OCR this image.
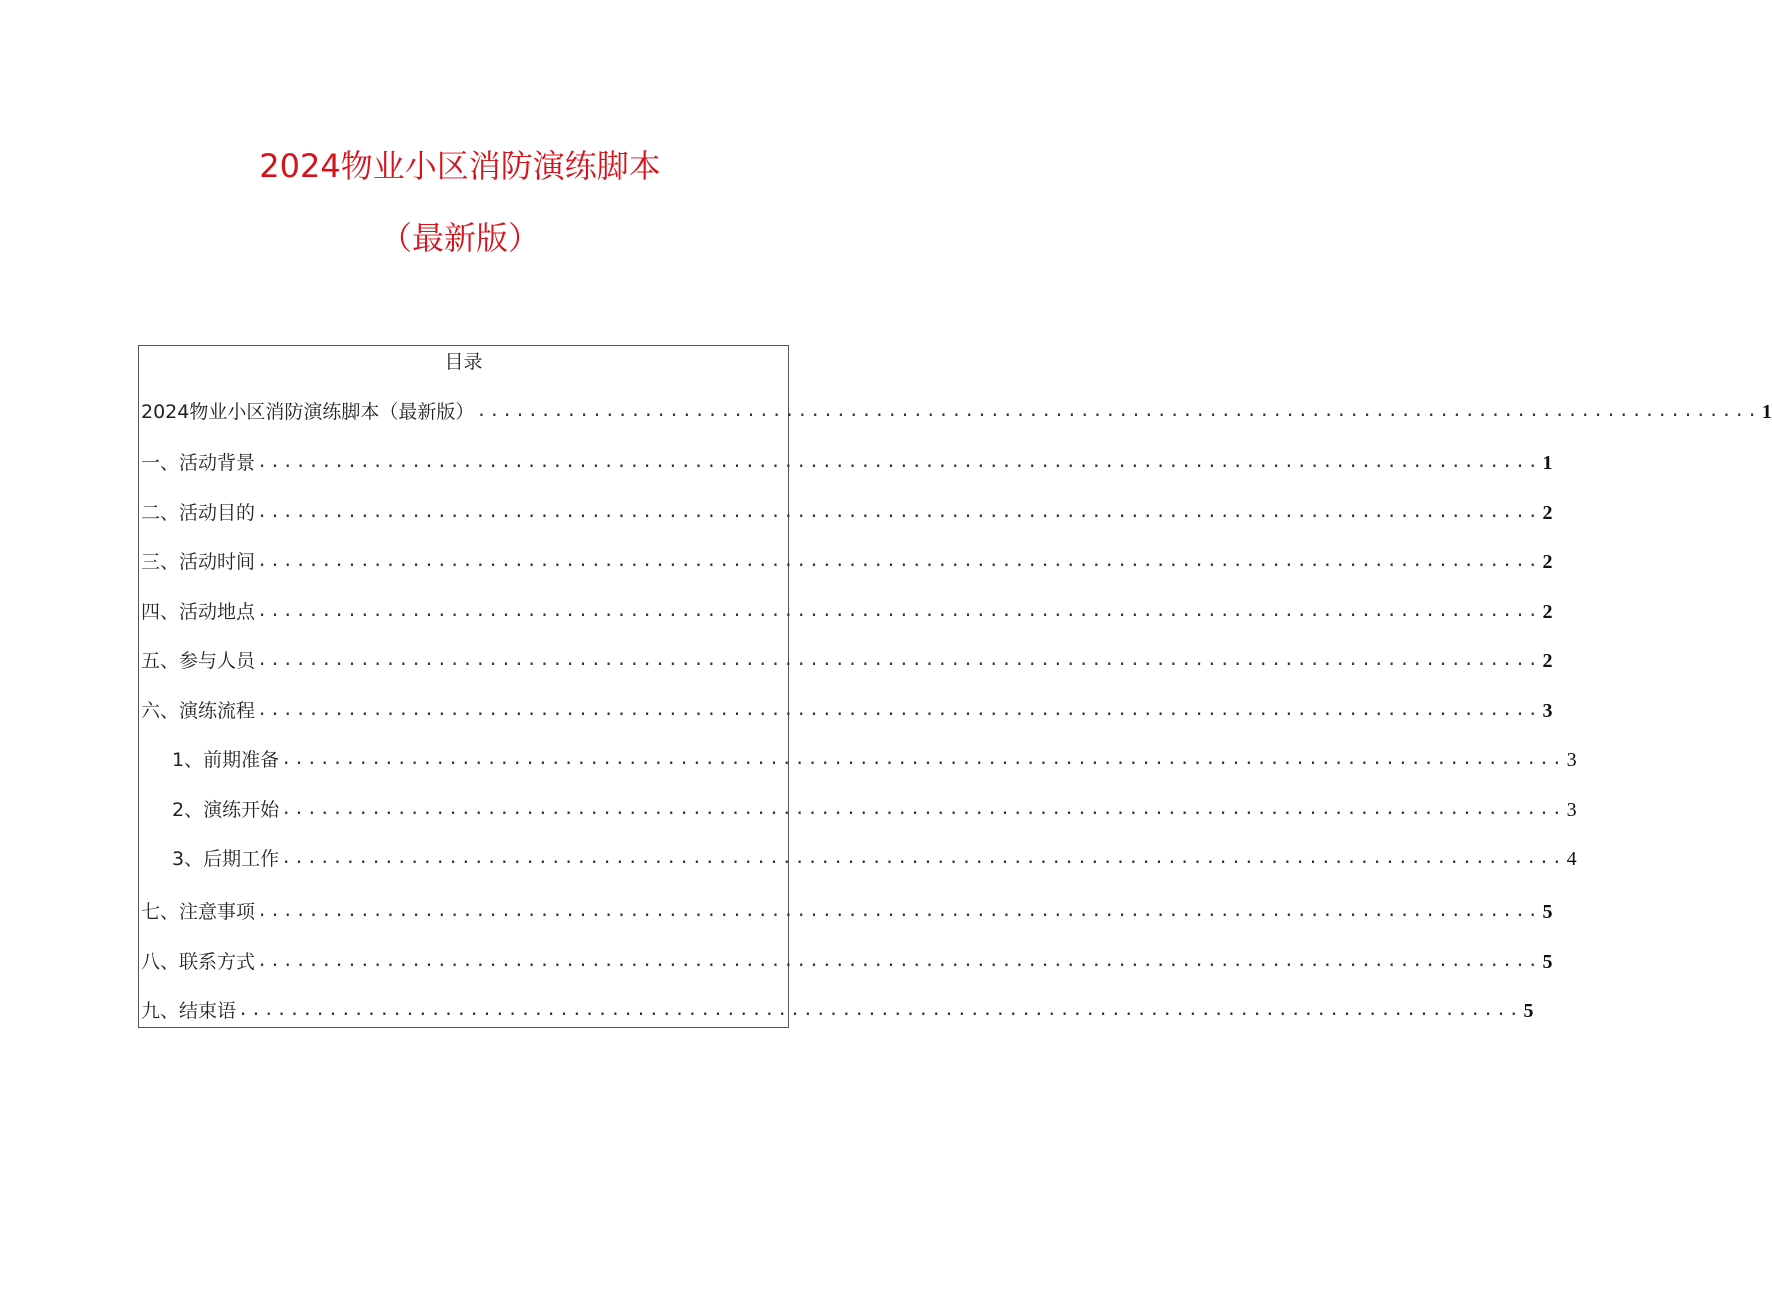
2024物业小区消防演练脚本
（最新版）
目录
2024物业小区消防演练脚本（最新版） .................................................................................................... 1
一、活动背景 .................................................................................................... 1
二、活动目的 .................................................................................................... 2
三、活动时间 .................................................................................................... 2
四、活动地点 .................................................................................................... 2
五、参与人员 .................................................................................................... 2
六、演练流程 .................................................................................................... 3
1、前期准备 .................................................................................................... 3
2、演练开始 .................................................................................................... 3
3、后期工作 .................................................................................................... 4
七、注意事项 .................................................................................................... 5
八、联系方式 .................................................................................................... 5
九、结束语 .................................................................................................... 5
